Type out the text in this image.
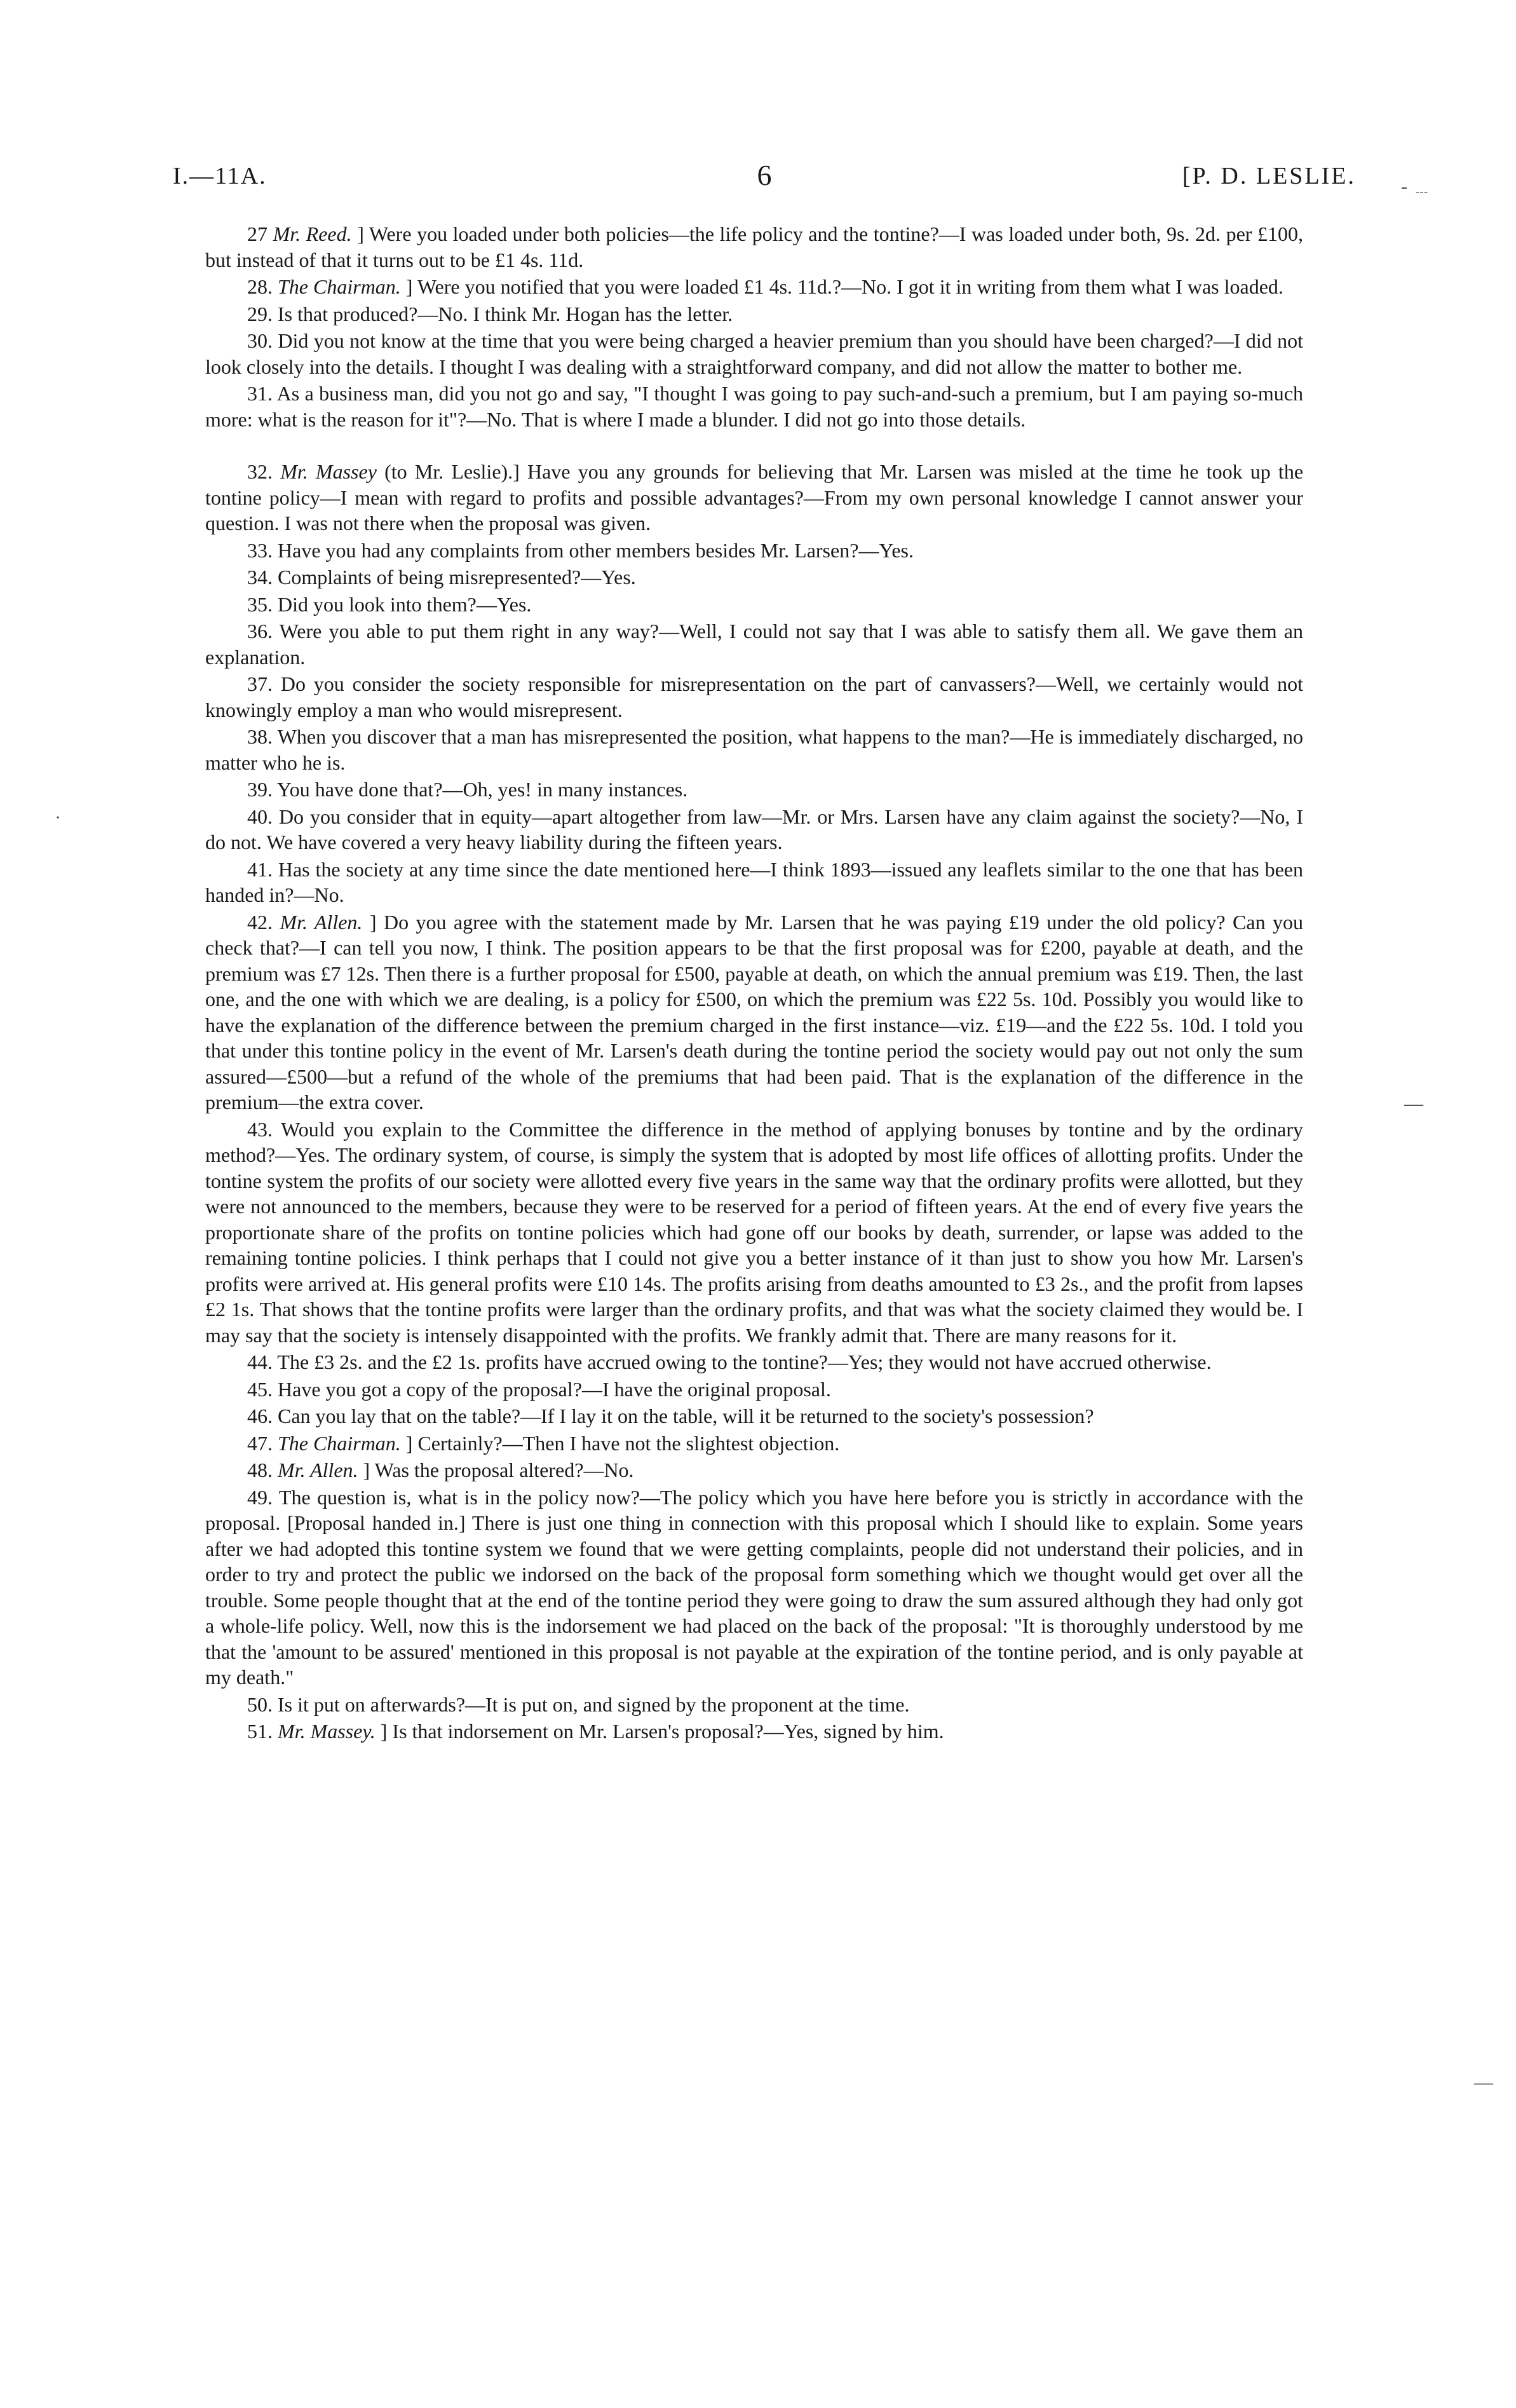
I.—11A.	6	[P. D. LESLIE.

27 Mr. Reed. ] Were you loaded under both policies—the life policy and the tontine?—I was loaded under both, 9s. 2d. per £100, but instead of that it turns out to be £1 4s. 11d.

28. The Chairman. ] Were you notified that you were loaded £1 4s. 11d.?—No. I got it in writing from them what I was loaded.

29. Is that produced?—No. I think Mr. Hogan has the letter.

30. Did you not know at the time that you were being charged a heavier premium than you should have been charged?—I did not look closely into the details. I thought I was dealing with a straightforward company, and did not allow the matter to bother me.

31. As a business man, did you not go and say, "I thought I was going to pay such-and-such a premium, but I am paying so-much more: what is the reason for it"?—No. That is where I made a blunder. I did not go into those details.

32. Mr. Massey (to Mr. Leslie).] Have you any grounds for believing that Mr. Larsen was misled at the time he took up the tontine policy—I mean with regard to profits and possible advantages?—From my own personal knowledge I cannot answer your question. I was not there when the proposal was given.

33. Have you had any complaints from other members besides Mr. Larsen?—Yes.

34. Complaints of being misrepresented?—Yes.

35. Did you look into them?—Yes.

36. Were you able to put them right in any way?—Well, I could not say that I was able to satisfy them all. We gave them an explanation.

37. Do you consider the society responsible for misrepresentation on the part of canvassers?—Well, we certainly would not knowingly employ a man who would misrepresent.

38. When you discover that a man has misrepresented the position, what happens to the man?—He is immediately discharged, no matter who he is.

39. You have done that?—Oh, yes! in many instances.

40. Do you consider that in equity—apart altogether from law—Mr. or Mrs. Larsen have any claim against the society?—No, I do not. We have covered a very heavy liability during the fifteen years.

41. Has the society at any time since the date mentioned here—I think 1893—issued any leaflets similar to the one that has been handed in?—No.

42. Mr. Allen. ] Do you agree with the statement made by Mr. Larsen that he was paying £19 under the old policy? Can you check that?—I can tell you now, I think. The position appears to be that the first proposal was for £200, payable at death, and the premium was £7 12s. Then there is a further proposal for £500, payable at death, on which the annual premium was £19. Then, the last one, and the one with which we are dealing, is a policy for £500, on which the premium was £22 5s. 10d. Possibly you would like to have the explanation of the difference between the premium charged in the first instance—viz. £19—and the £22 5s. 10d. I told you that under this tontine policy in the event of Mr. Larsen's death during the tontine period the society would pay out not only the sum assured—£500—but a refund of the whole of the premiums that had been paid. That is the explanation of the difference in the premium—the extra cover.

43. Would you explain to the Committee the difference in the method of applying bonuses by tontine and by the ordinary method?—Yes. The ordinary system, of course, is simply the system that is adopted by most life offices of allotting profits. Under the tontine system the profits of our society were allotted every five years in the same way that the ordinary profits were allotted, but they were not announced to the members, because they were to be reserved for a period of fifteen years. At the end of every five years the proportionate share of the profits on tontine policies which had gone off our books by death, surrender, or lapse was added to the remaining tontine policies. I think perhaps that I could not give you a better instance of it than just to show you how Mr. Larsen's profits were arrived at. His general profits were £10 14s. The profits arising from deaths amounted to £3 2s., and the profit from lapses £2 1s. That shows that the tontine profits were larger than the ordinary profits, and that was what the society claimed they would be. I may say that the society is intensely disappointed with the profits. We frankly admit that. There are many reasons for it.

44. The £3 2s. and the £2 1s. profits have accrued owing to the tontine?—Yes; they would not have accrued otherwise.

45. Have you got a copy of the proposal?—I have the original proposal.

46. Can you lay that on the table?—If I lay it on the table, will it be returned to the society's possession?

47. The Chairman. ] Certainly?—Then I have not the slightest objection.

48. Mr. Allen. ] Was the proposal altered?—No.

49. The question is, what is in the policy now?—The policy which you have here before you is strictly in accordance with the proposal. [Proposal handed in.] There is just one thing in connection with this proposal which I should like to explain. Some years after we had adopted this tontine system we found that we were getting complaints, people did not understand their policies, and in order to try and protect the public we indorsed on the back of the proposal form something which we thought would get over all the trouble. Some people thought that at the end of the tontine period they were going to draw the sum assured although they had only got a whole-life policy. Well, now this is the indorsement we had placed on the back of the proposal: "It is thoroughly understood by me that the 'amount to be assured' mentioned in this proposal is not payable at the expiration of the tontine period, and is only payable at my death."

50. Is it put on afterwards?—It is put on, and signed by the proponent at the time.

51. Mr. Massey. ] Is that indorsement on Mr. Larsen's proposal?—Yes, signed by him.

‐ ﹍
·
—
—
